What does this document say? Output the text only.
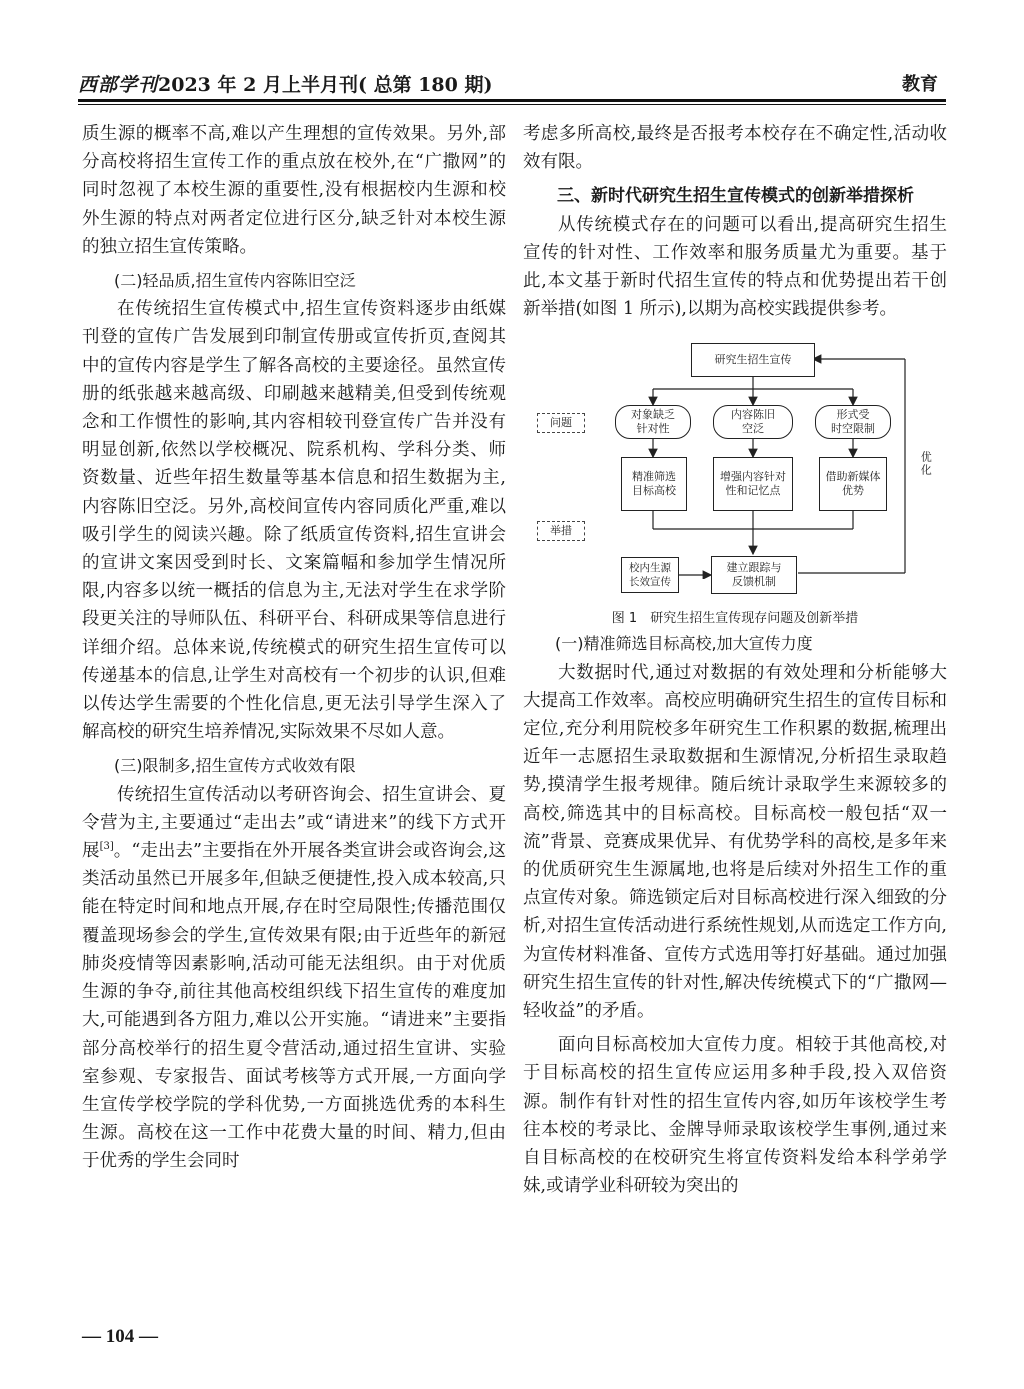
西部学刊2023 年 2 月上半月刊( 总第 180 期)	教育

质生源的概率不高,难以产生理想的宣传效果。另外,部分高校将招生宣传工作的重点放在校外,在“广撒网”的同时忽视了本校生源的重要性,没有根据校内生源和校外生源的特点对两者定位进行区分,缺乏针对本校生源的独立招生宣传策略。

(二)轻品质,招生宣传内容陈旧空泛

在传统招生宣传模式中,招生宣传资料逐步由纸媒刊登的宣传广告发展到印制宣传册或宣传折页,查阅其中的宣传内容是学生了解各高校的主要途径。虽然宣传册的纸张越来越高级、印刷越来越精美,但受到传统观念和工作惯性的影响,其内容相较刊登宣传广告并没有明显创新,依然以学校概况、院系机构、学科分类、师资数量、近些年招生数量等基本信息和招生数据为主,内容陈旧空泛。另外,高校间宣传内容同质化严重,难以吸引学生的阅读兴趣。除了纸质宣传资料,招生宣讲会的宣讲文案因受到时长、文案篇幅和参加学生情况所限,内容多以统一概括的信息为主,无法对学生在求学阶段更关注的导师队伍、科研平台、科研成果等信息进行详细介绍。总体来说,传统模式的研究生招生宣传可以传递基本的信息,让学生对高校有一个初步的认识,但难以传达学生需要的个性化信息,更无法引导学生深入了解高校的研究生培养情况,实际效果不尽如人意。

(三)限制多,招生宣传方式收效有限

传统招生宣传活动以考研咨询会、招生宣讲会、夏令营为主,主要通过“走出去”或“请进来”的线下方式开展[3]。“走出去”主要指在外开展各类宣讲会或咨询会,这类活动虽然已开展多年,但缺乏便捷性,投入成本较高,只能在特定时间和地点开展,存在时空局限性;传播范围仅覆盖现场参会的学生,宣传效果有限;由于近些年的新冠肺炎疫情等因素影响,活动可能无法组织。由于对优质生源的争夺,前往其他高校组织线下招生宣传的难度加大,可能遇到各方阻力,难以公开实施。“请进来”主要指部分高校举行的招生夏令营活动,通过招生宣讲、实验室参观、专家报告、面试考核等方式开展,一方面向学生宣传学校学院的学科优势,一方面挑选优秀的本科生生源。高校在这一工作中花费大量的时间、精力,但由于优秀的学生会同时

考虑多所高校,最终是否报考本校存在不确定性,活动收效有限。

三、新时代研究生招生宣传模式的创新举措探析

从传统模式存在的问题可以看出,提高研究生招生宣传的针对性、工作效率和服务质量尤为重要。基于此,本文基于新时代招生宣传的特点和优势提出若干创新举措(如图 1 所示),以期为高校实践提供参考。

研究生招生宣传
问题
对象缺乏
针对性
内容陈旧
空泛
形式受
时空限制
优化
精准筛选
目标高校
增强内容针对
性和记忆点
借助新媒体
优势
举措
校内生源
长效宣传
建立跟踪与
反馈机制
图 1　研究生招生宣传现存问题及创新举措

(一)精准筛选目标高校,加大宣传力度

大数据时代,通过对数据的有效处理和分析能够大大提高工作效率。高校应明确研究生招生的宣传目标和定位,充分利用院校多年研究生工作积累的数据,梳理出近年一志愿招生录取数据和生源情况,分析招生录取趋势,摸清学生报考规律。随后统计录取学生来源较多的高校,筛选其中的目标高校。目标高校一般包括“双一流”背景、竞赛成果优异、有优势学科的高校,是多年来的优质研究生生源属地,也将是后续对外招生工作的重点宣传对象。筛选锁定后对目标高校进行深入细致的分析,对招生宣传活动进行系统性规划,从而选定工作方向,为宣传材料准备、宣传方式选用等打好基础。通过加强研究生招生宣传的针对性,解决传统模式下的“广撒网—轻收益”的矛盾。

面向目标高校加大宣传力度。相较于其他高校,对于目标高校的招生宣传应运用多种手段,投入双倍资源。制作有针对性的招生宣传内容,如历年该校学生考往本校的考录比、金牌导师录取该校学生事例,通过来自目标高校的在校研究生将宣传资料发给本科学弟学妹,或请学业科研较为突出的

— 104 —
